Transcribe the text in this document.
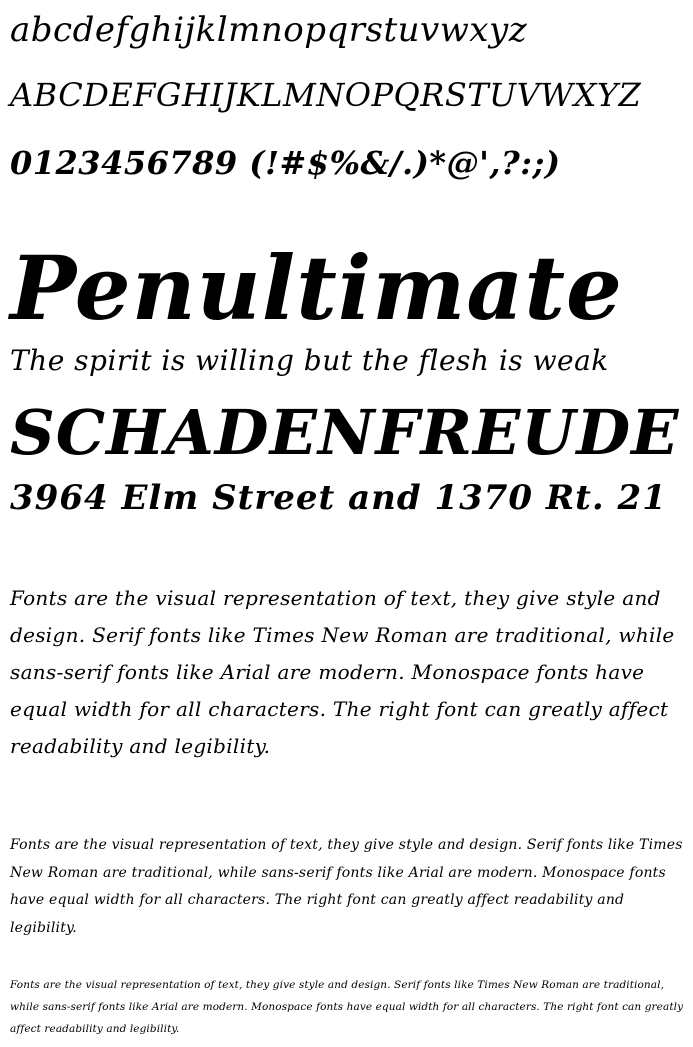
abcdefghijklmnopqrstuvwxyz
ABCDEFGHIJKLMNOPQRSTUVWXYZ
0123456789 (!#$%&/.)*@',?:;)
Penultimate
The spirit is willing but the flesh is weak
SCHADENFREUDE
3964 Elm Street and 1370 Rt. 21

Fonts are the visual representation of text, they give style and design. Serif fonts like Times New Roman are traditional, while sans-serif fonts like Arial are modern. Monospace fonts have equal width for all characters. The right font can greatly affect readability and legibility.

Fonts are the visual representation of text, they give style and design. Serif fonts like Times New Roman are traditional, while sans-serif fonts like Arial are modern. Monospace fonts have equal width for all characters. The right font can greatly affect readability and legibility.

Fonts are the visual representation of text, they give style and design. Serif fonts like Times New Roman are traditional, while sans-serif fonts like Arial are modern. Monospace fonts have equal width for all characters. The right font can greatly affect readability and legibility.
